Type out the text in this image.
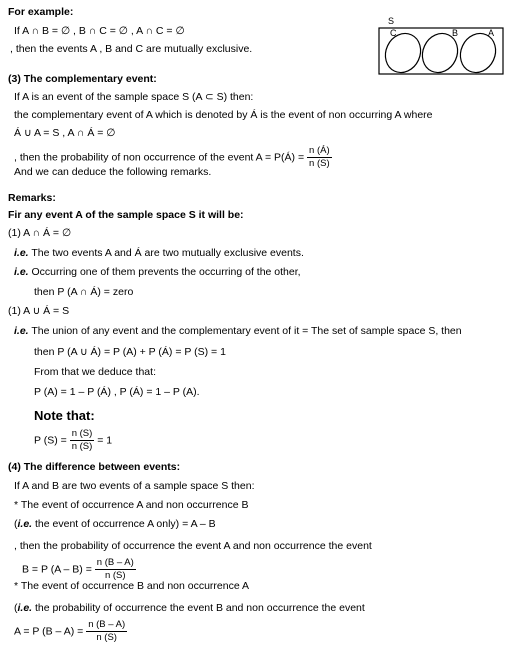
For example:
If A ∩ B = ∅ , B ∩ C = ∅ , A ∩ C = ∅
, then the events A , B and C are mutually exclusive.
S
C	B	A
(3) The complementary event:
If A is an event of the sample space S (A ⊂ S) then:
the complementary event of A which is denoted by Á is the event of non occurring A where
Á ∪ A = S , A ∩ Á = ∅
, then the probability of non occurrence of the event A = P(Á) = $\frac{n (Á)}{n (S)}$
And we can deduce the following remarks.
Remarks:
Fir any event A of the sample space S it will be:
(1) A ∩ Á = ∅
i.e. The two events A and Á are two mutually exclusive events.
i.e. Occurring one of them prevents the occurring of the other,
then P (A ∩ Á) = zero
(1) A ∪ Á = S
i.e. The union of any event and the complementary event of it = The set of sample space S, then
then P (A ∪ Á) = P (A) + P (Á) = P (S) = 1
From that we deduce that:
P (A) = 1 – P (Á) , P (Á) = 1 – P (A).
Note that:
P $(S) = \frac{n (S)}{n (S)} = 1$
(4) The difference between events:
If A and B are two events of a sample space S then:
* The event of occurrence A and non occurrence B
(i.e. the event of occurrence A only) = A – B
, then the probability of occurrence the event A and non occurrence the event
B = P $(A - B) = \frac{n (B - A)}{n (S)}$
* The event of occurrence B and non occurrence A
(i.e. the probability of occurrence the event B and non occurrence the event
A = P $(B - A) = \frac{n (B - A)}{n (S)}$
